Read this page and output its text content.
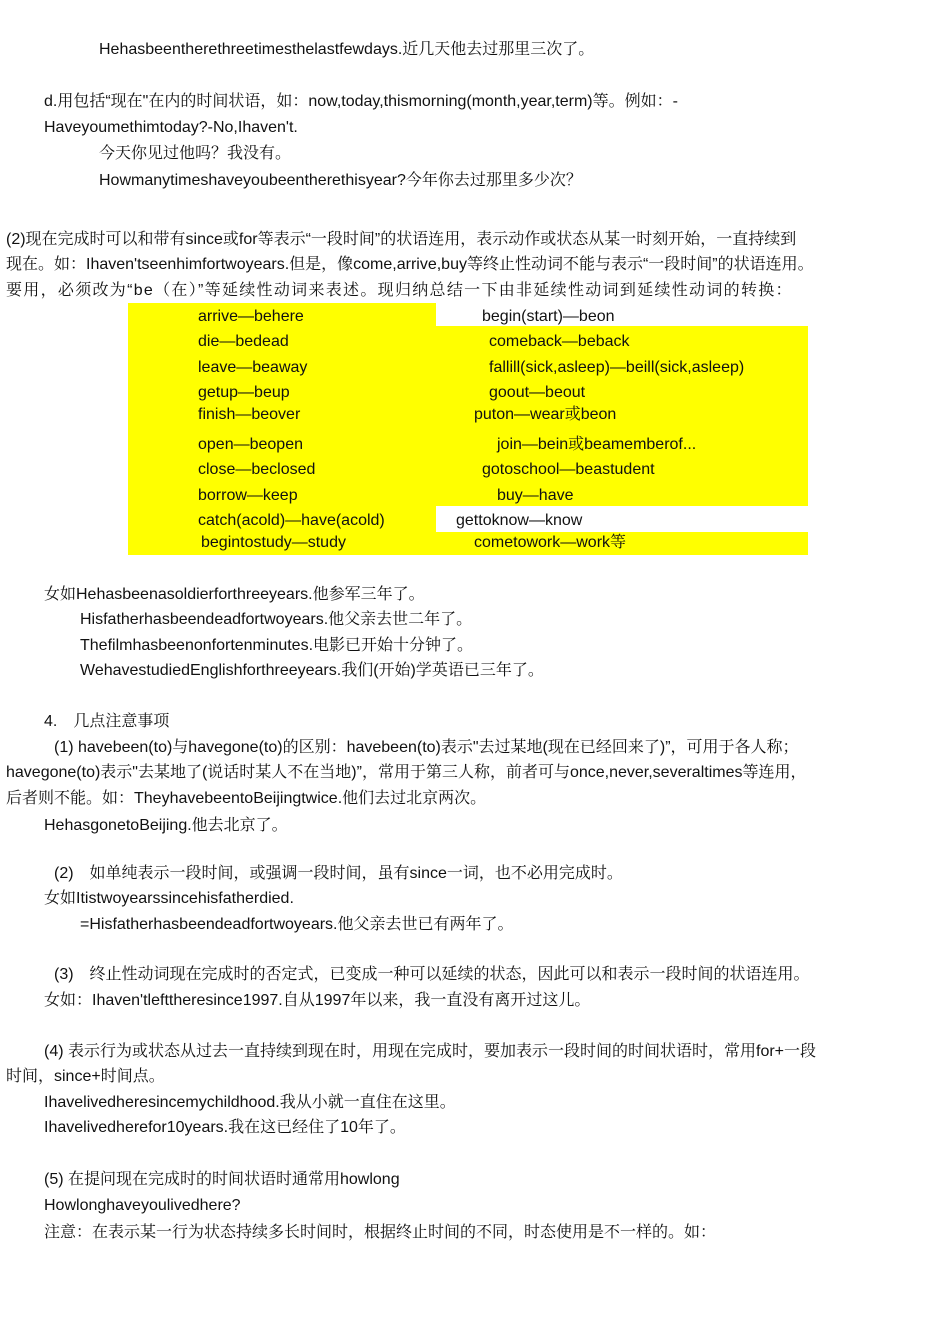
Hehasbeentherethreetimesthelastfewdays.近几天他去过那里三次了。
d.用包括“现在"在内的时间状语，如：now,today,thismorning(month,year,term)等。例如：-
Haveyoumethimtoday?-No,Ihaven't.
今天你见过他吗？我没有。
Howmanytimeshaveyoubeentherethisyear?今年你去过那里多少次？
(2)现在完成时可以和带有since或for等表示“一段时间”的状语连用，表示动作或状态从某一时刻开始，一直持续到
现在。如：Ihaven'tseenhimfortwoyears.但是，像come,arrive,buy等终止性动词不能与表示“一段时间”的状语连用。
要用，必须改为“be（在）”等延续性动词来表述。现归纳总结一下由非延续性动词到延续性动词的转换：
arrive—behere
die—bedead
leave—beaway
getup—beup
finish—beover
open—beopen
close—beclosed
borrow—keep
catch(acold)—have(acold)
begintostudy—study
begin(start)—beon
comeback—beback
fallill(sick,asleep)—beill(sick,asleep)
goout—beout
puton—wear或beon
join—bein或beamemberof...
gotoschool—beastudent
buy—have
gettoknow—know
cometowork—work等
女如Hehasbeenasoldierforthreeyears.他参军三年了。
Hisfatherhasbeendeadfortwoyears.他父亲去世二年了。
Thefilmhasbeenonfortenminutes.电影已开始十分钟了。
WehavestudiedEnglishforthreeyears.我们(开始)学英语已三年了。
4.　几点注意事项
(1) havebeen(to)与havegone(to)的区别：havebeen(to)表示"去过某地(现在已经回来了)”，可用于各人称；
havegone(to)表示"去某地了(说话时某人不在当地)”，常用于第三人称，前者可与once,never,severaltimes等连用，
后者则不能。如：TheyhavebeentoBeijingtwice.他们去过北京两次。
HehasgonetoBeijing.他去北京了。
(2)　如单纯表示一段时间，或强调一段时间，虽有since一词，也不必用完成时。
女如Itistwoyearssincehisfatherdied.
=Hisfatherhasbeendeadfortwoyears.他父亲去世已有两年了。
(3)　终止性动词现在完成时的否定式，已变成一种可以延续的状态，因此可以和表示一段时间的状语连用。
女如：Ihaven'tlefttheresince1997.自从1997年以来，我一直没有离开过这儿。
(4) 表示行为或状态从过去一直持续到现在时，用现在完成时，要加表示一段时间的时间状语时，常用for+一段
时间，since+时间点。
Ihavelivedheresincemychildhood.我从小就一直住在这里。
Ihavelivedherefor10years.我在这已经住了10年了。
(5) 在提问现在完成时的时间状语时通常用howlong
Howlonghaveyoulivedhere?
注意：在表示某一行为状态持续多长时间时，根据终止时间的不同，时态使用是不一样的。如：
